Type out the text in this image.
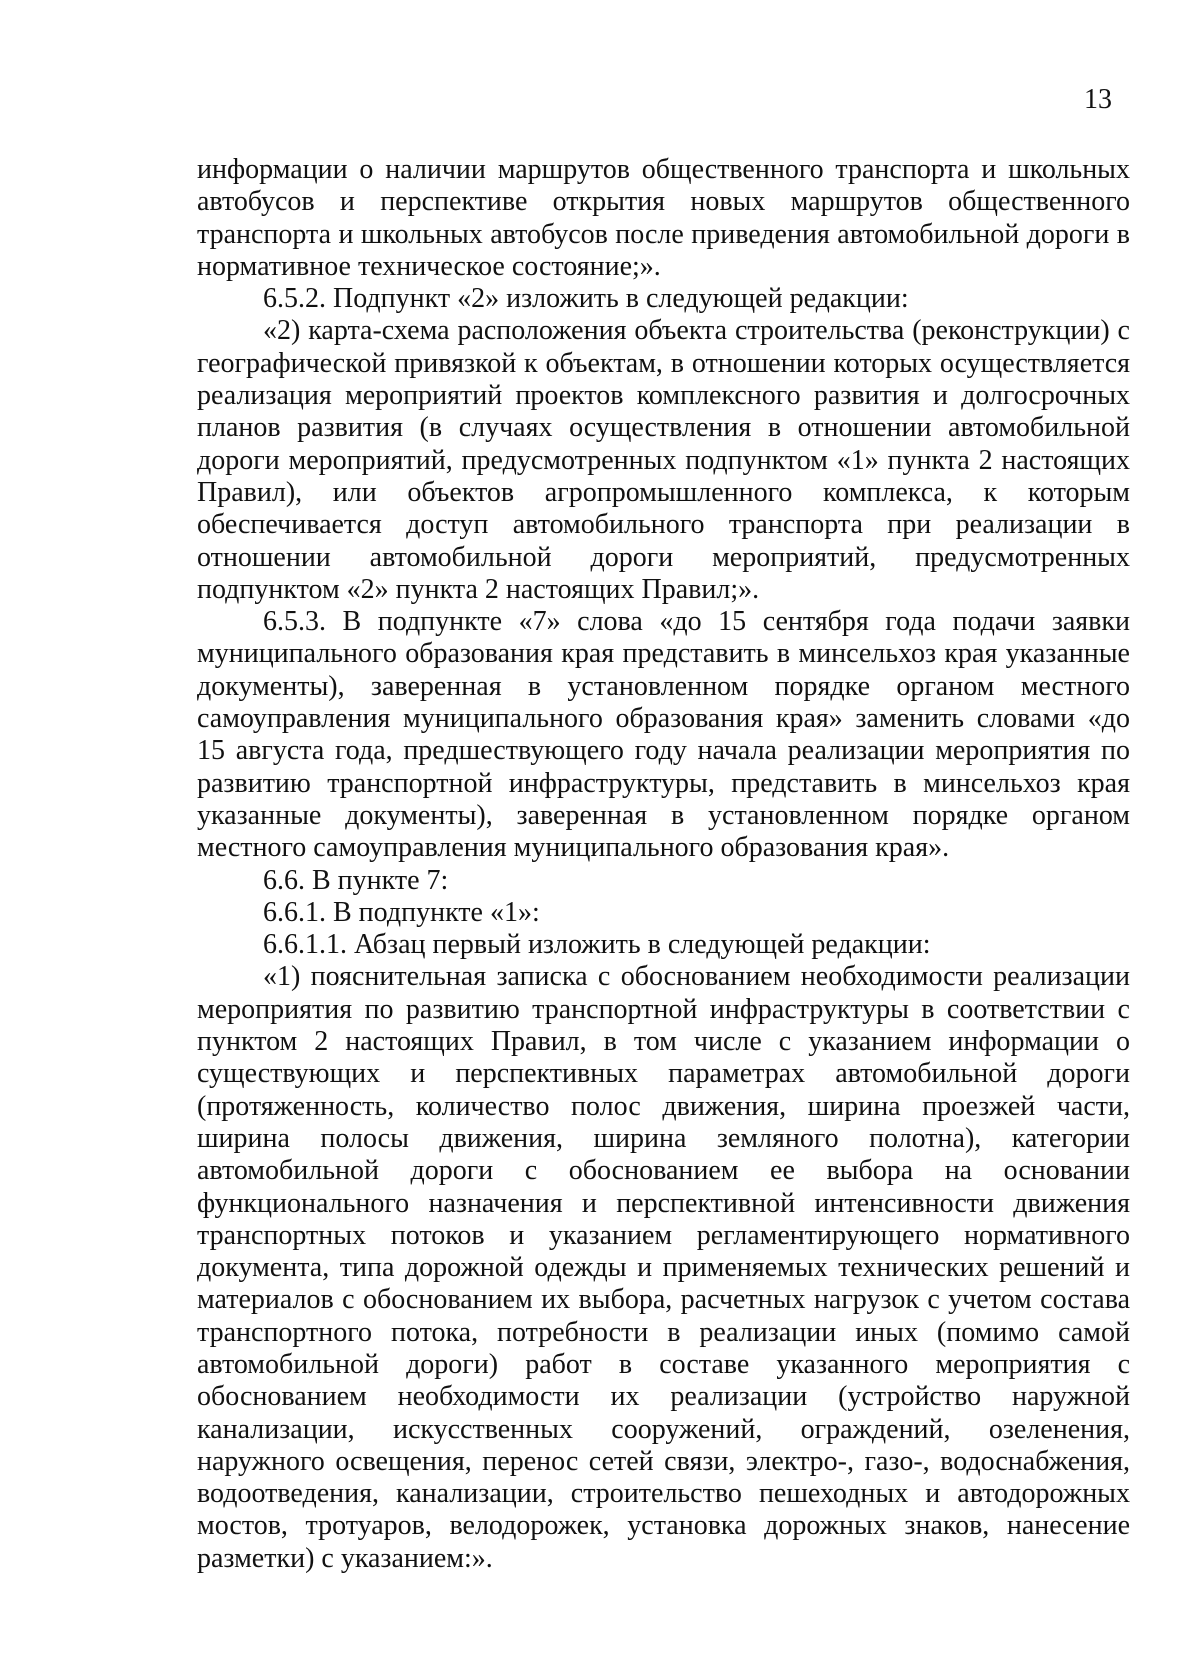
13

информации о наличии маршрутов общественного транспорта и школьных автобусов и перспективе открытия новых маршрутов общественного транспорта и школьных автобусов после приведения автомобильной дороги в нормативное техническое состояние;».

6.5.2. Подпункт «2» изложить в следующей редакции:

«2) карта-схема расположения объекта строительства (реконструкции) с географической привязкой к объектам, в отношении которых осуществляется реализация мероприятий проектов комплексного развития и долгосрочных планов развития (в случаях осуществления в отношении автомобильной дороги мероприятий, предусмотренных подпунктом «1» пункта 2 настоящих Правил), или объектов агропромышленного комплекса, к которым обеспечивается доступ автомобильного транспорта при реализации в отношении автомобильной дороги мероприятий, предусмотренных подпунктом «2» пункта 2 настоящих Правил;».

6.5.3. В подпункте «7» слова «до 15 сентября года подачи заявки муниципального образования края представить в минсельхоз края указанные документы), заверенная в установленном порядке органом местного самоуправления муниципального образования края» заменить словами «до 15 августа года, предшествующего году начала реализации мероприятия по развитию транспортной инфраструктуры, представить в минсельхоз края указанные документы), заверенная в установленном порядке органом местного самоуправления муниципального образования края».

6.6. В пункте 7:

6.6.1. В подпункте «1»:

6.6.1.1. Абзац первый изложить в следующей редакции:

«1) пояснительная записка с обоснованием необходимости реализации мероприятия по развитию транспортной инфраструктуры в соответствии с пунктом 2 настоящих Правил, в том числе с указанием информации о существующих и перспективных параметрах автомобильной дороги (протяженность, количество полос движения, ширина проезжей части, ширина полосы движения, ширина земляного полотна), категории автомобильной дороги с обоснованием ее выбора на основании функционального назначения и перспективной интенсивности движения транспортных потоков и указанием регламентирующего нормативного документа, типа дорожной одежды и применяемых технических решений и материалов с обоснованием их выбора, расчетных нагрузок с учетом состава транспортного потока, потребности в реализации иных (помимо самой автомобильной дороги) работ в составе указанного мероприятия с обоснованием необходимости их реализации (устройство наружной канализации, искусственных сооружений, ограждений, озеленения, наружного освещения, перенос сетей связи, электро-, газо-, водоснабжения, водоотведения, канализации, строительство пешеходных и автодорожных мостов, тротуаров, велодорожек, установка дорожных знаков, нанесение разметки) с указанием:».
